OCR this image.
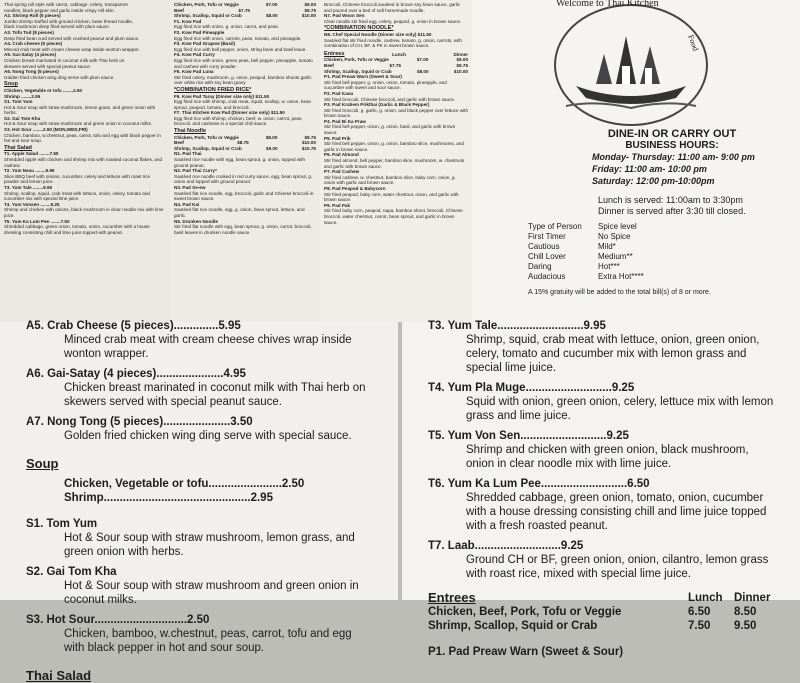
Thai spring roll style with carrot, cabbage, celery, transparent
noodles, black pepper and garlic inside crispy roll skin.
A2. Shrimp Roll (5 pieces)
Jumbo shrimp stuffed with ground chicken, bean thread noodle,
black mushroom deep fried served with plum sauce.
A3. Tofu Tod (8 pieces)
Deep fried bean curd served with crushed peanut and plum sauce.
A4. Crab cheese (5 pieces)
Minced crab meat with cream cheese wrap inside wonton wrapper.
A5. Gai-Satay (4 pieces)
Chicken breast marinated in coconut milk with Thai herb on
skewers served with special peanut sauce.
A6. Nong Tong (5 pieces)
Golden fried chicken wing ding serve with plum sauce.
Soup
Chicken, Vegetable or tofu ........2.50
Shrimp ........2.95
S1. Tom Yum
Hot & Sour soup with straw mushroom, lemon grass, and green onion with herbs.
S2. Gai Tom Kha
Hot & Sour soup with straw mushroom and green onion in coconut milks.
S3. Hot Sour ........2.50 (MON,WED,FRI)
Chicken, bamboo, w.chestnut, peas, carrot, tofu and egg with black pepper in hot and sour soup.
Thai Salad
T1. Apple Salad ........7.50
Shredded apple with chicken and shrimp mix with roasted coconut flakes, and cashew.
T2. Yum Neau ........9.95
Slice BBQ beef with onions, cucumber, celery and lettuce with roast rice powder and lemon juice.
T3. Yum Tale ........9.95
Shrimp, scallop, squid, crab meat with lettuce, onion, celery, tomato and cucumber mix with special lime juice.
T4. Yum Vonsen ........9.25
Shrimp and chicken with onions, black mushroom in clear noodle mix with lime juice.
T5. Yum Ka Lum Pee ........7.50
Shredded cabbage, green onion, tomato, onion, cucumber with a house dressing consisting chill and lime juice topped with peanut.
Chicken, Pork, Tofu or Veggie	$7.00	$9.00
Beef	$7.75	$9.75
Shrimp, Scallop, Squid or Crab	$8.00	$10.00
F1. Kow Pad
Egg fried rice with onion, g. onion, carrot, and peas.
F2. Kow Pad Pineapple
Egg fried rice with onion, carrots, peas, tomato, and pineapple.
F3. Kow Pad Grapow (Basil)
Egg fried rice with bell pepper, onion, string bean and basil leave.
F4. Kow Pad Curry
Egg fried rice with onion, green peas, bell pepper, pineapple, tomato and cashew with curry powder.
F5. Kow Pad Luna
Stir fried celery, mushroom, g. onion, peapod, bamboo shoots garlic over white rice with soy bean gravy.
*COMBINATION FRIED RICE*
F6. Kow Pad Taray (Dinner size only) $11.50
Egg fried rice with shrimp, crab meat, squid, scallop, w. onion, bean sprout, peapod, tomato, and broccoli.
F7. Thai Kitchen Kow Pad (Dinner size only) $11.50
Egg fried rice with shrimp, chicken, beef, w. onion, carrot, peas, broccoli, and cashews in a special chili sauce.
Thai Noodle
Chicken, Pork, Tofu or Veggie	$8.00	$9.75
Beef	$8.75	$10.00
Shrimp, Scallop, Squid or Crab	$9.00	$10.75
N1. Pad Thai
Sautéed rice noodle with egg, bean sprout, g. onion, topped with ground peanut.
N2. Pad Thai Curry*
Sautéed rice noodle cooked in red curry sauce, egg, bean sprout, g. onion and topped with ground peanut.
N3. Pad Se-ew
Sautéed flat rice noodle, egg, broccoli, garlic and Chinese broccoli in sweet brown sauce.
N4. Pad Kai
Sautéed flat rice noodle, egg, g. onion, bean sprout, lettuce, and garlic.
N5. Drunken Noodle
Stir fried flat noodle with egg, bean sprout, g. onion, carrot, broccoli, basil leaves in drunken noodle sauce.
Broccoli, Chinese broccoli sautéed in brown soy bean sauce, garlic
and poured over a bed of soft homemade noodle.
N7. Pad Woon Sen
Clear noodle stir fried egg, celery, peapod, g. onion in brown sauce.
*COMBINATION NOODLE*
N8. Chef Special Noodle (Dinner size only) $11.50
Sautéed flat stir fried noodle, cashew, tomato, g. onion, carrots, with combination of CH, BF, & PK in sweet brown sauce.
Entrees	Lunch	Dinner
Chicken, Pork, Tofu or Veggie	$7.00	$9.00
Beef	$7.75	$9.75
Shrimp, Scallop, Squid or Crab	$8.00	$10.00
P1. Pad Preaw Warn (Sweet & Sour)
Stir fried bell pepper, g. onion, onion, tomato, pineapple, and cucumber with sweet and sour sauce.
P2. Pad Kana
Stir fried broccoli, Chinese broccoli, and garlic with brown sauce.
P3. Pad Kratiem Prikthai (Garlic & Black Pepper)
Stir fried broccoli, g. garlic, g. onion, and black pepper over lettuce with brown sauce.
P4. Pad Bi Ka Praw
Stir fried bell pepper, onion, g. onion, basil, and garlic with brown sauce.
P5. Pad Prik
Stir fried bell pepper, onion, g. onion, bamboo slice, mushrooms, and garlic in brown sauce.
P6. Pad Almond
Stir fried almond, bell pepper, bamboo slice, mushroom, w. chestnuts and garlic with brown sauce.
P7. Pad Cashew
Stir fried cashew, w. chestnut, bamboo slice, baby corn, onion, g. onion with garlic and brown sauce.
P8. Pad Peapod & Babycorn
Stir fried peapod, baby corn, water chestnut, onion, and garlic with brown sauce.
P9. Pad Pak
Stir fried baby corn, peapod, napa, bamboo shoot, broccoli, Chinese broccoli, water chestnut, carrot, bean sprout, and garlic in brown sauce.
Welcome to Thai Kitchen
Food
DINE-IN OR CARRY OUT
BUSINESS HOURS:
Monday- Thursday: 11:00 am- 9:00 pm
Friday: 11:00 am- 10:00 pm
Saturday: 12:00 pm-10:00pm
Lunch is served: 11:00am to 3:30pm
Dinner is served after 3:30 till closed.
Type of Person	Spice level
First Timer	No Spice
Cautious	Mild*
Chill Lover	Medium**
Daring	Hot***
Audacious	Extra Hot****
A 15% gratuity will be added to the total bill(s) of 8 or more.
A5. Crab Cheese (5 pieces)..............5.95
Minced crab meat with cream cheese chives wrap inside wonton wrapper.
A6. Gai-Satay (4 pieces).....................4.95
Chicken breast marinated in coconut milk with Thai herb on skewers served with special peanut sauce.
A7. Nong Tong (5 pieces).....................3.50
Golden fried chicken wing ding serve with special sauce.
Soup
Chicken, Vegetable or tofu.......................2.50
Shrimp..............................................2.95
S1. Tom Yum
Hot & Sour soup with straw mushroom, lemon grass, and green onion with herbs.
S2. Gai Tom Kha
Hot & Sour soup with straw mushroom and green onion in coconut milks.
S3. Hot Sour.............................2.50
Chicken, bamboo, w.chestnut, peas, carrot, tofu and egg with black pepper in hot and sour soup.
Thai Salad
T3. Yum Tale...........................9.95
Shrimp, squid, crab meat with lettuce, onion, green onion, celery, tomato and cucumber mix with lemon grass and special lime juice.
T4. Yum Pla Muge...........................9.25
Squid with onion, green onion, celery, lettuce mix with lemon grass and lime juice.
T5. Yum Von Sen...........................9.25
Shrimp and chicken with green onion, black mushroom, onion in clear noodle mix with lime juice.
T6. Yum Ka Lum Pee...........................6.50
Shredded cabbage, green onion, tomato, onion, cucumber with a house dressing consisting chill and lime juice topped with a fresh roasted peanut.
T7. Laab...........................9.25
Ground CH or BF, green onion, onion, cilantro, lemon grass with roast rice, mixed with special lime juice.
Entrees	Lunch	Dinner
Chicken, Beef, Pork, Tofu or Veggie	6.50	8.50
Shrimp, Scallop, Squid or Crab	7.50	9.50
P1. Pad Preaw Warn (Sweet & Sour)
